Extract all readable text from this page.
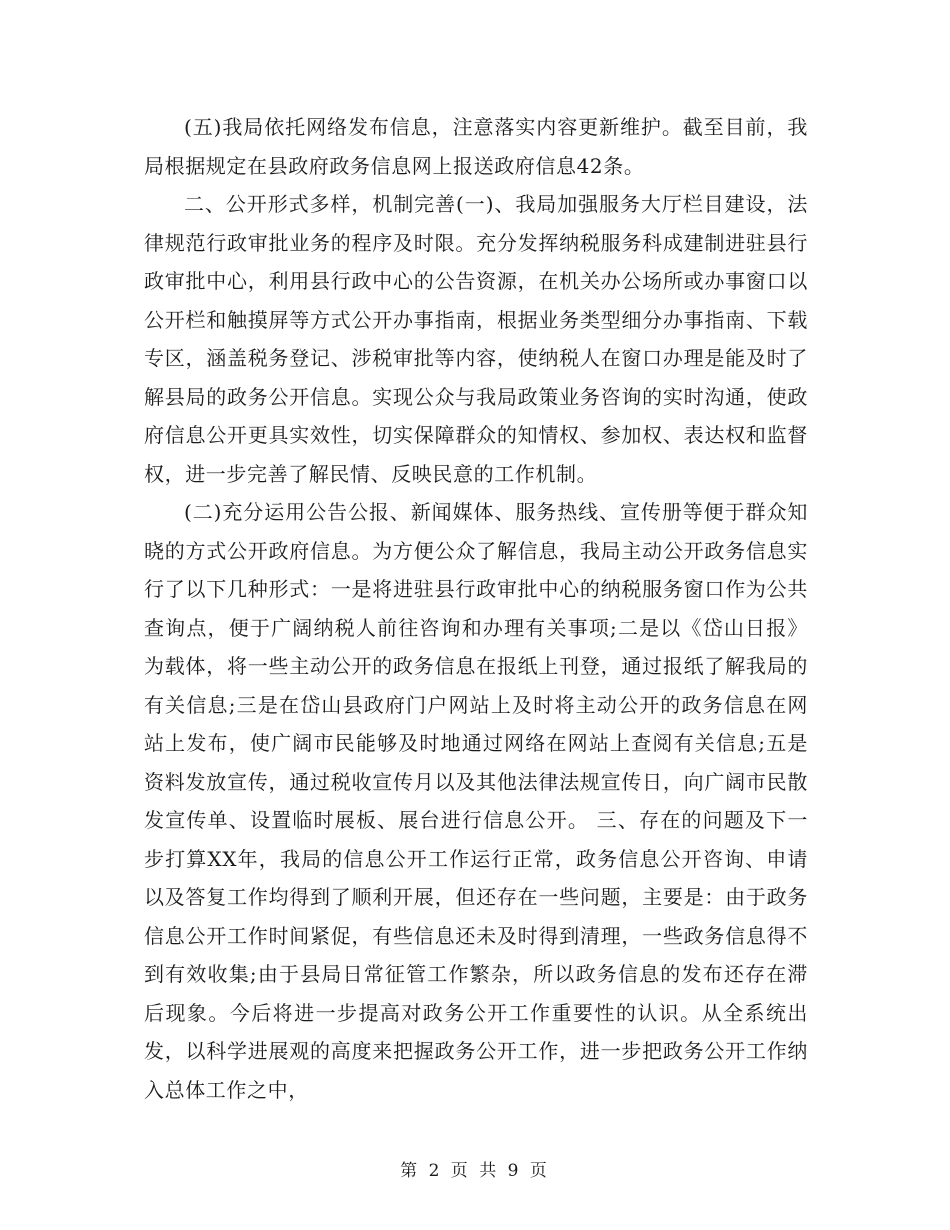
(五)我局依托网络发布信息，注意落实内容更新维护。截至目前，我局根据规定在县政府政务信息网上报送政府信息42条。

二、公开形式多样，机制完善(一)、我局加强服务大厅栏目建设，法律规范行政审批业务的程序及时限。充分发挥纳税服务科成建制进驻县行政审批中心，利用县行政中心的公告资源，在机关办公场所或办事窗口以公开栏和触摸屏等方式公开办事指南，根据业务类型细分办事指南、下载专区，涵盖税务登记、涉税审批等内容，使纳税人在窗口办理是能及时了解县局的政务公开信息。实现公众与我局政策业务咨询的实时沟通，使政府信息公开更具实效性，切实保障群众的知情权、参加权、表达权和监督权，进一步完善了解民情、反映民意的工作机制。

(二)充分运用公告公报、新闻媒体、服务热线、宣传册等便于群众知晓的方式公开政府信息。为方便公众了解信息，我局主动公开政务信息实行了以下几种形式：一是将进驻县行政审批中心的纳税服务窗口作为公共查询点，便于广阔纳税人前往咨询和办理有关事项;二是以《岱山日报》为载体，将一些主动公开的政务信息在报纸上刊登，通过报纸了解我局的有关信息;三是在岱山县政府门户网站上及时将主动公开的政务信息在网站上发布，使广阔市民能够及时地通过网络在网站上查阅有关信息;五是资料发放宣传，通过税收宣传月以及其他法律法规宣传日，向广阔市民散发宣传单、设置临时展板、展台进行信息公开。 三、存在的问题及下一步打算XX年，我局的信息公开工作运行正常，政务信息公开咨询、申请以及答复工作均得到了顺利开展，但还存在一些问题，主要是：由于政务信息公开工作时间紧促，有些信息还未及时得到清理，一些政务信息得不到有效收集;由于县局日常征管工作繁杂，所以政务信息的发布还存在滞后现象。今后将进一步提高对政务公开工作重要性的认识。从全系统出发，以科学进展观的高度来把握政务公开工作，进一步把政务公开工作纳入总体工作之中，

第 2 页 共 9 页
